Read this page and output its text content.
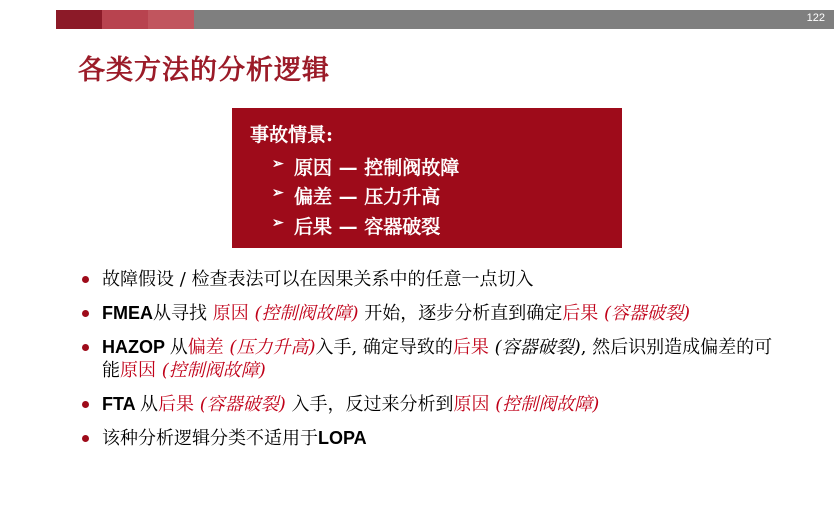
122
各类方法的分析逻辑
事故情景:
➢ 原因 — 控制阀故障
➢ 偏差 — 压力升高
➢ 后果 — 容器破裂
故障假设 / 检查表法可以在因果关系中的任意一点切入
FMEA从寻找 原因 (控制阀故障) 开始，逐步分析直到确定后果 (容器破裂)
HAZOP 从偏差 (压力升高)入手, 确定导致的后果 (容器破裂), 然后识别造成偏差的可能原因 (控制阀故障)
FTA 从后果 (容器破裂) 入手，反过来分析到原因 (控制阀故障)
该种分析逻辑分类不适用于LOPA
